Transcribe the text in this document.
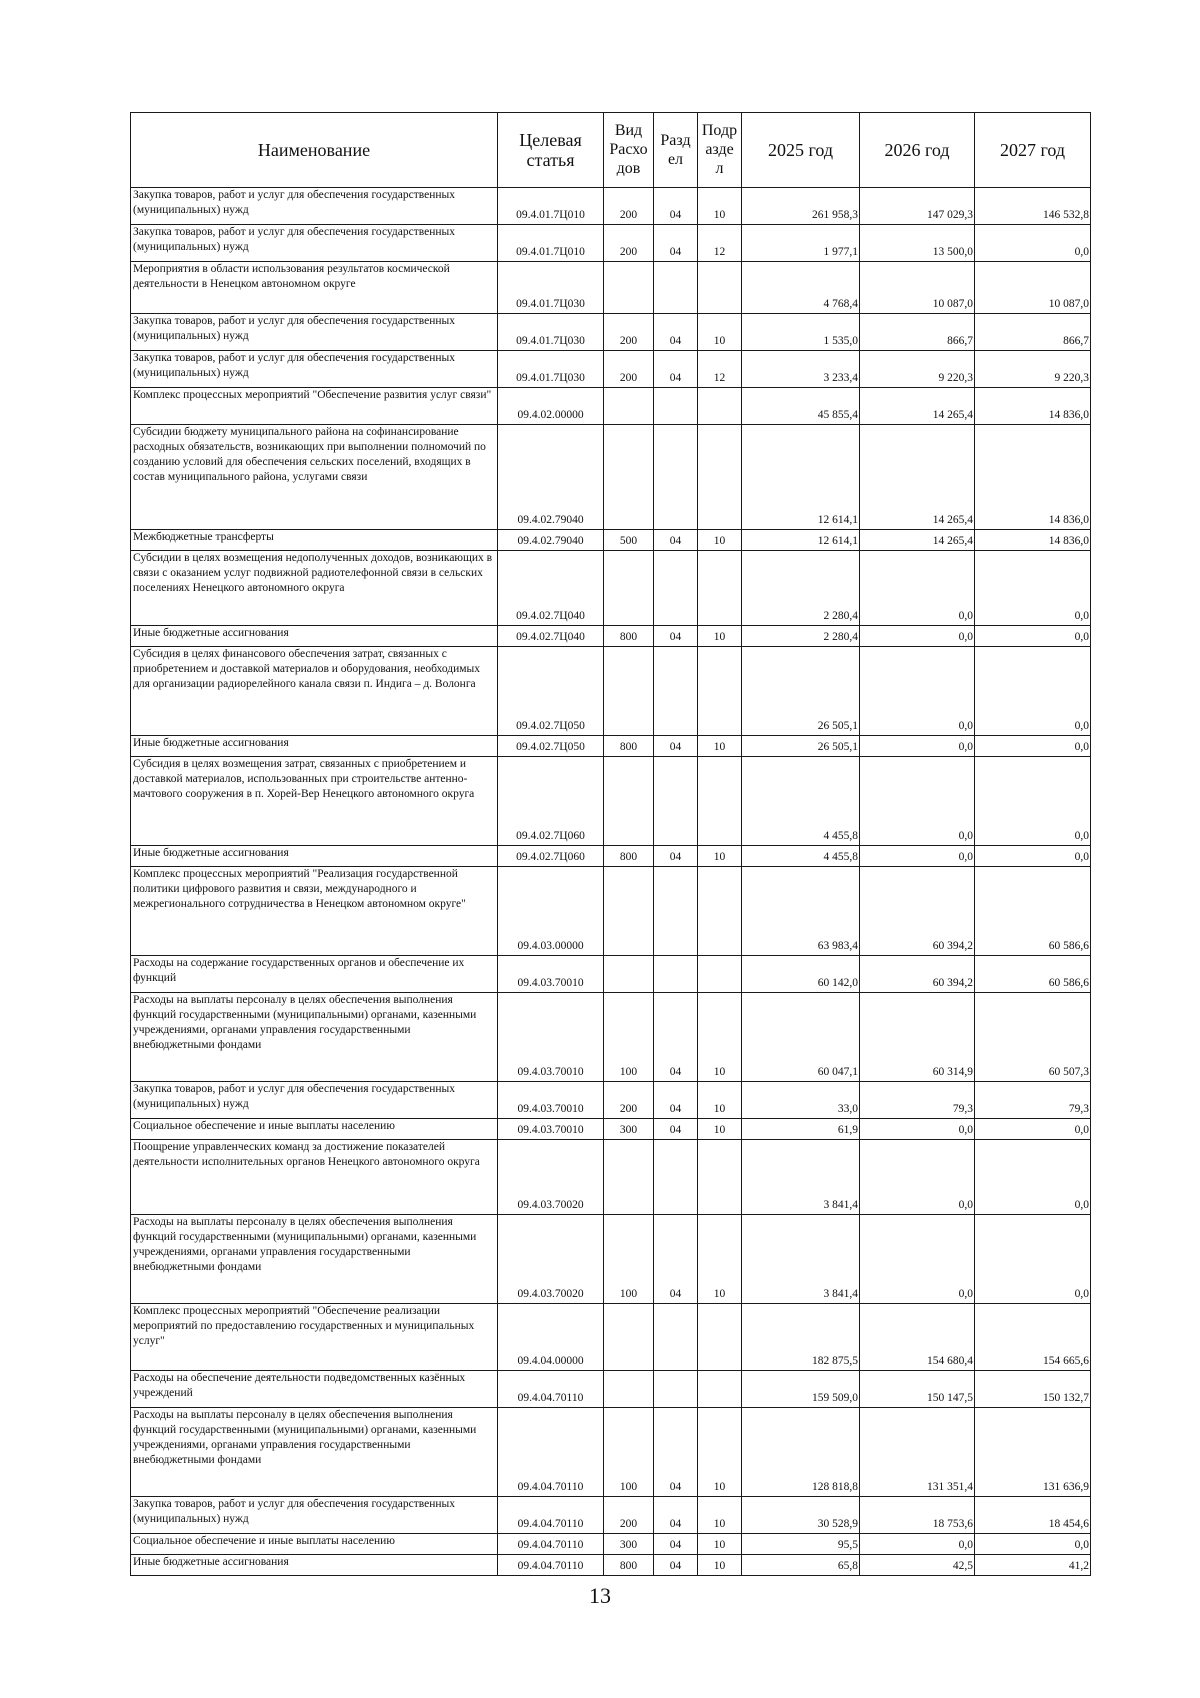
Наименование	Целевая статья	Вид Расхо дов	Разд ел	Подр азде л	2025 год	2026 год	2027 год
Закупка товаров, работ и услуг для обеспечения государственных (муниципальных) нужд	09.4.01.7Ц010	200	04	10	261 958,3	147 029,3	146 532,8
Закупка товаров, работ и услуг для обеспечения государственных (муниципальных) нужд	09.4.01.7Ц010	200	04	12	1 977,1	13 500,0	0,0
Мероприятия в области использования результатов космической деятельности в Ненецком автономном округе	09.4.01.7Ц030				4 768,4	10 087,0	10 087,0
Закупка товаров, работ и услуг для обеспечения государственных (муниципальных) нужд	09.4.01.7Ц030	200	04	10	1 535,0	866,7	866,7
Закупка товаров, работ и услуг для обеспечения государственных (муниципальных) нужд	09.4.01.7Ц030	200	04	12	3 233,4	9 220,3	9 220,3
Комплекс процессных мероприятий "Обеспечение развития услуг связи"	09.4.02.00000				45 855,4	14 265,4	14 836,0
Субсидии бюджету муниципального района на софинансирование расходных обязательств, возникающих при выполнении полномочий по созданию условий для обеспечения сельских поселений, входящих в состав муниципального района, услугами связи	09.4.02.79040				12 614,1	14 265,4	14 836,0
Межбюджетные трансферты	09.4.02.79040	500	04	10	12 614,1	14 265,4	14 836,0
Субсидии в целях возмещения недополученных доходов, возникающих в связи с оказанием услуг подвижной радиотелефонной связи в сельских поселениях Ненецкого автономного округа	09.4.02.7Ц040				2 280,4	0,0	0,0
Иные бюджетные ассигнования	09.4.02.7Ц040	800	04	10	2 280,4	0,0	0,0
Субсидия в целях финансового обеспечения затрат, связанных с приобретением и доставкой материалов и оборудования, необходимых для организации радиорелейного канала связи п. Индига – д. Волонга	09.4.02.7Ц050				26 505,1	0,0	0,0
Иные бюджетные ассигнования	09.4.02.7Ц050	800	04	10	26 505,1	0,0	0,0
Субсидия в целях возмещения затрат, связанных с приобретением и доставкой материалов, использованных при строительстве антенно-мачтового сооружения в п. Хорей-Вер Ненецкого автономного округа	09.4.02.7Ц060				4 455,8	0,0	0,0
Иные бюджетные ассигнования	09.4.02.7Ц060	800	04	10	4 455,8	0,0	0,0
Комплекс процессных мероприятий "Реализация государственной политики цифрового развития и связи, международного и межрегионального сотрудничества в Ненецком автономном округе"	09.4.03.00000				63 983,4	60 394,2	60 586,6
Расходы на содержание государственных органов и обеспечение их функций	09.4.03.70010				60 142,0	60 394,2	60 586,6
Расходы на выплаты персоналу в целях обеспечения выполнения функций государственными (муниципальными) органами, казенными учреждениями, органами управления государственными внебюджетными фондами	09.4.03.70010	100	04	10	60 047,1	60 314,9	60 507,3
Закупка товаров, работ и услуг для обеспечения государственных (муниципальных) нужд	09.4.03.70010	200	04	10	33,0	79,3	79,3
Социальное обеспечение и иные выплаты населению	09.4.03.70010	300	04	10	61,9	0,0	0,0
Поощрение управленческих команд за достижение показателей деятельности исполнительных органов Ненецкого автономного округа	09.4.03.70020				3 841,4	0,0	0,0
Расходы на выплаты персоналу в целях обеспечения выполнения функций государственными (муниципальными) органами, казенными учреждениями, органами управления государственными внебюджетными фондами	09.4.03.70020	100	04	10	3 841,4	0,0	0,0
Комплекс процессных мероприятий "Обеспечение реализации мероприятий по предоставлению государственных и муниципальных услуг"	09.4.04.00000				182 875,5	154 680,4	154 665,6
Расходы на обеспечение деятельности подведомственных казённых учреждений	09.4.04.70110				159 509,0	150 147,5	150 132,7
Расходы на выплаты персоналу в целях обеспечения выполнения функций государственными (муниципальными) органами, казенными учреждениями, органами управления государственными внебюджетными фондами	09.4.04.70110	100	04	10	128 818,8	131 351,4	131 636,9
Закупка товаров, работ и услуг для обеспечения государственных (муниципальных) нужд	09.4.04.70110	200	04	10	30 528,9	18 753,6	18 454,6
Социальное обеспечение и иные выплаты населению	09.4.04.70110	300	04	10	95,5	0,0	0,0
Иные бюджетные ассигнования	09.4.04.70110	800	04	10	65,8	42,5	41,2
13
